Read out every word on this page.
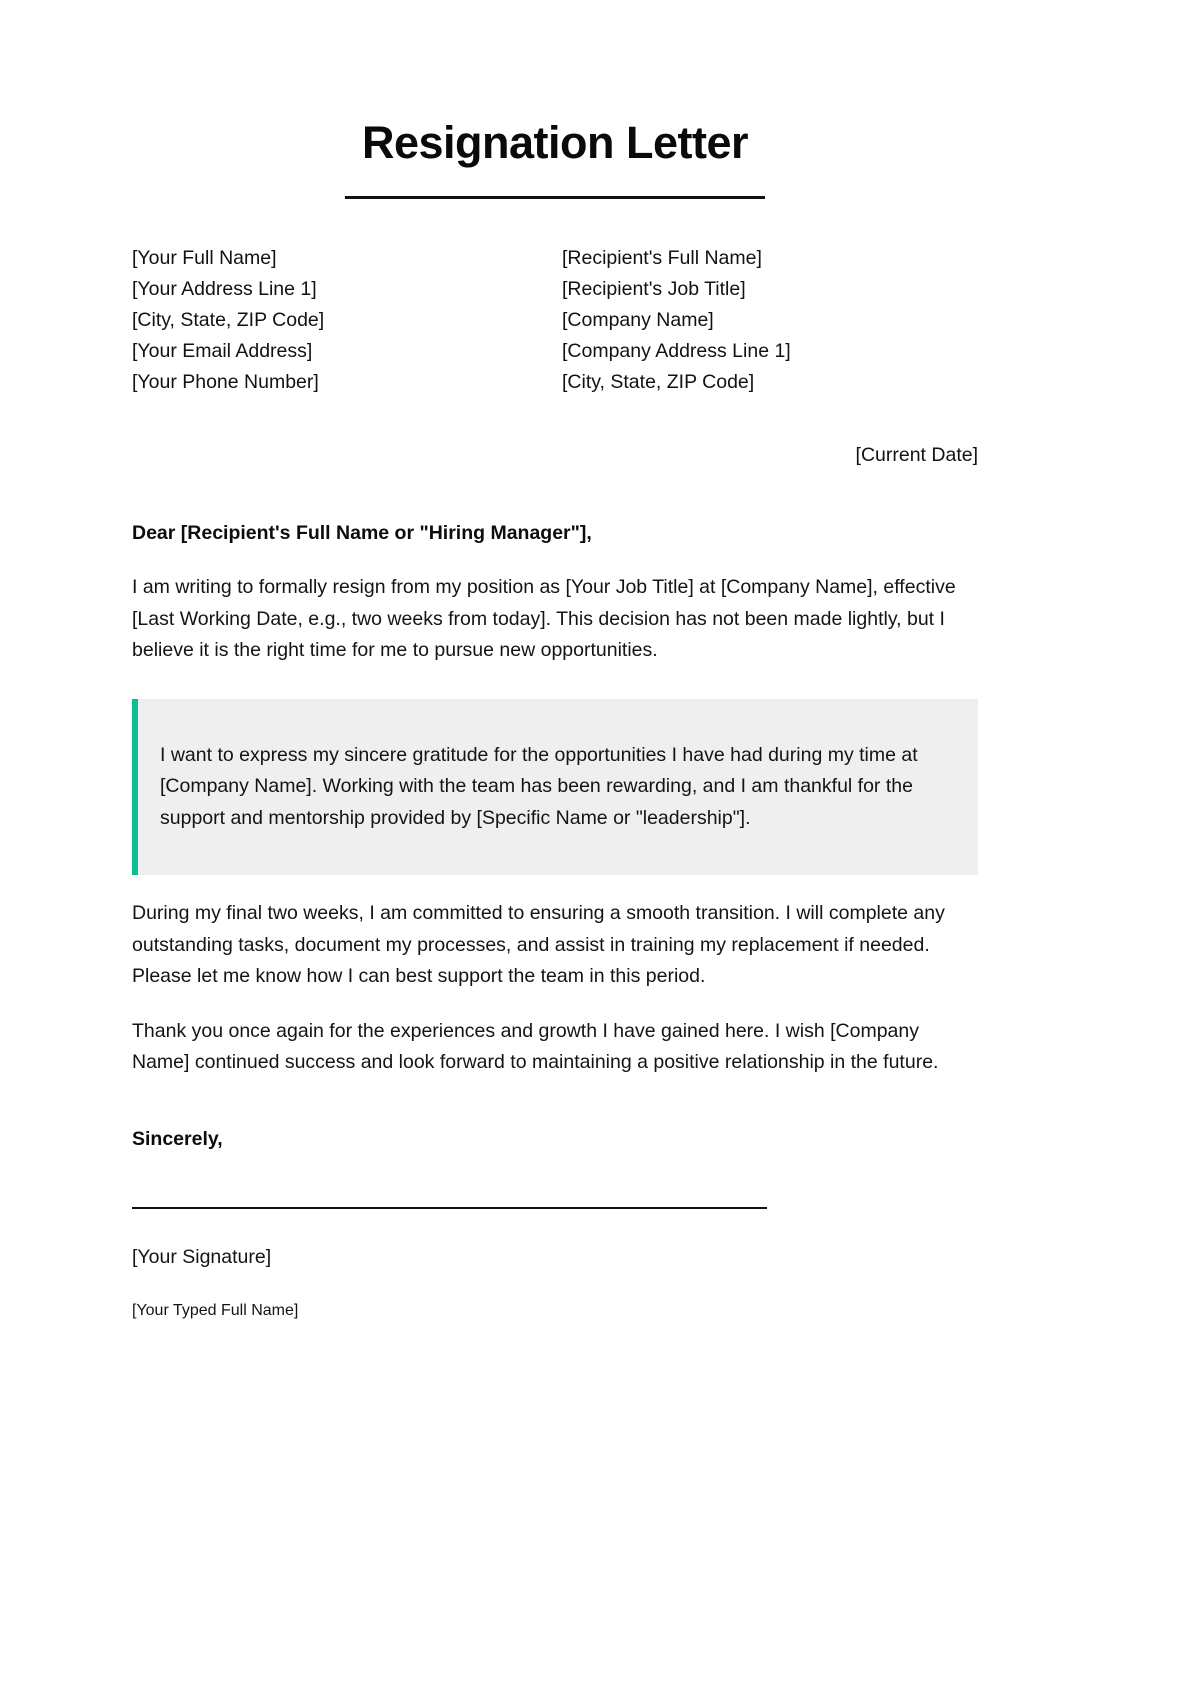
Resignation Letter
[Your Full Name]
[Your Address Line 1]
[City, State, ZIP Code]
[Your Email Address]
[Your Phone Number]
[Recipient's Full Name]
[Recipient's Job Title]
[Company Name]
[Company Address Line 1]
[City, State, ZIP Code]
[Current Date]
Dear [Recipient's Full Name or "Hiring Manager"],

I am writing to formally resign from my position as [Your Job Title] at [Company Name], effective [Last Working Date, e.g., two weeks from today]. This decision has not been made lightly, but I believe it is the right time for me to pursue new opportunities.

I want to express my sincere gratitude for the opportunities I have had during my time at [Company Name]. Working with the team has been rewarding, and I am thankful for the support and mentorship provided by [Specific Name or "leadership"].

During my final two weeks, I am committed to ensuring a smooth transition. I will complete any outstanding tasks, document my processes, and assist in training my replacement if needed. Please let me know how I can best support the team in this period.

Thank you once again for the experiences and growth I have gained here. I wish [Company Name] continued success and look forward to maintaining a positive relationship in the future.

Sincerely,
[Your Signature]
[Your Typed Full Name]
